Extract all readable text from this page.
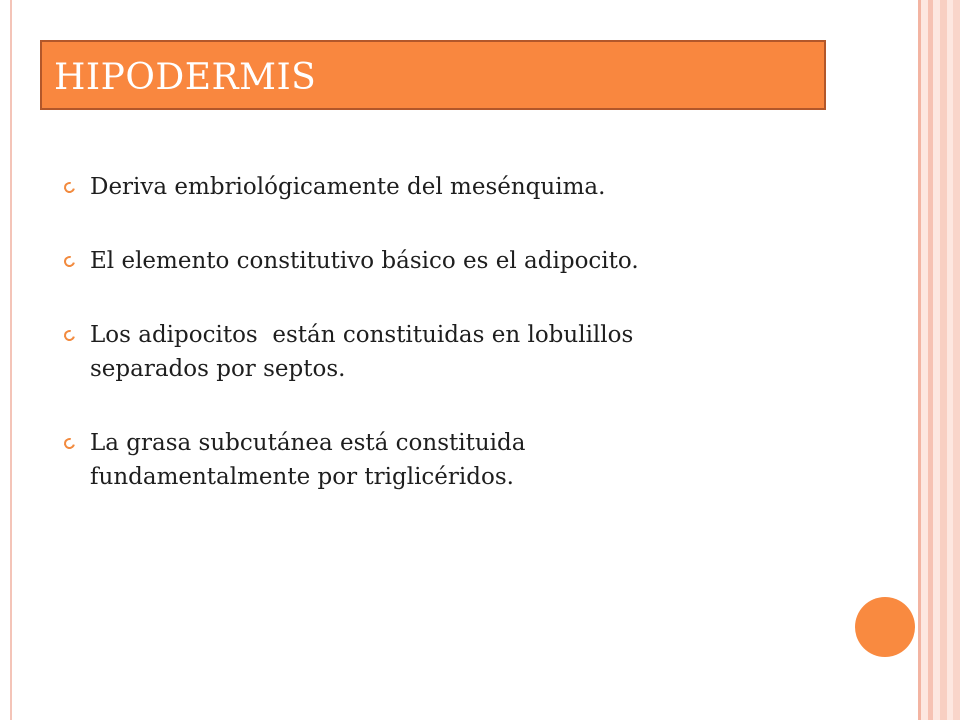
HIPODERMIS
Deriva embriológicamente del mesénquima.
El elemento constitutivo básico es el adipocito.
Los adipocitos  están constituidas en lobulillos
separados por septos.
La grasa subcutánea está constituida
fundamentalmente por triglicéridos.
